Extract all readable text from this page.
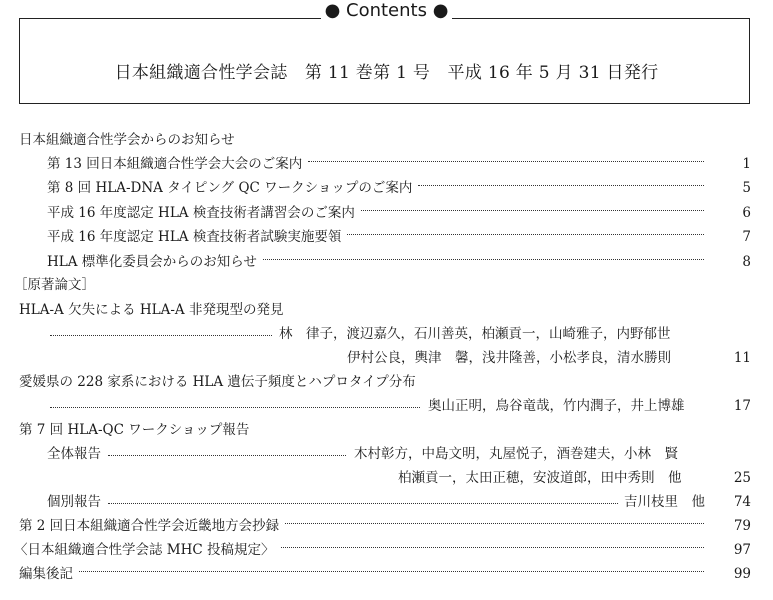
● Contents ●
日本組織適合性学会誌　第 11 巻第 1 号　平成 16 年 5 月 31 日発行
日本組織適合性学会からのお知らせ
第 13 回日本組織適合性学会大会のご案内	1
第 8 回 HLA-DNA タイピング QC ワークショップのご案内	5
平成 16 年度認定 HLA 検査技術者講習会のご案内	6
平成 16 年度認定 HLA 検査技術者試験実施要領	7
HLA 標準化委員会からのお知らせ	8
［原著論文］
HLA-A 欠失による HLA-A 非発現型の発見
林　律子，渡辺嘉久，石川善英，柏瀬貢一，山崎雅子，内野郁世
伊村公良，輿津　馨，浅井隆善，小松孝良，清水勝則	11
愛媛県の 228 家系における HLA 遺伝子頻度とハプロタイプ分布
奥山正明，鳥谷竜哉，竹内潤子，井上博雄	17
第 7 回 HLA-QC ワークショップ報告
全体報告	木村彰方，中島文明，丸屋悦子，酒巻建夫，小林　賢
柏瀬貢一，太田正穂，安波道郎，田中秀則　他	25
個別報告	吉川枝里　他	74
第 2 回日本組織適合性学会近畿地方会抄録	79
〈日本組織適合性学会誌 MHC 投稿規定〉	97
編集後記	99
